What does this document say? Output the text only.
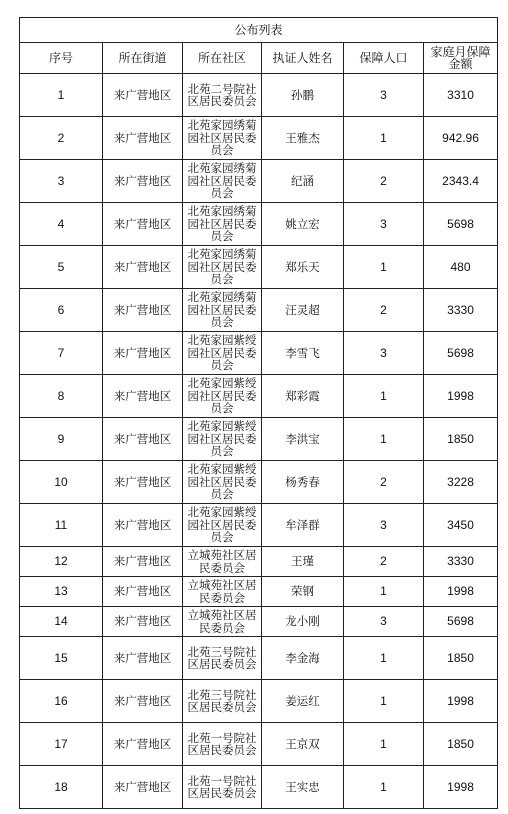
公布列表					
序号	所在街道	所在社区	执证人姓名	保障人口	家庭月保障
金额
1	来广营地区	北苑二号院社区居民委员会	孙鹏	3	3310
2	来广营地区	北苑家园绣菊园社区居民委员会	王雅杰	1	942.96
3	来广营地区	北苑家园绣菊园社区居民委员会	纪涵	2	2343.4
4	来广营地区	北苑家园绣菊园社区居民委员会	姚立宏	3	5698
5	来广营地区	北苑家园绣菊园社区居民委员会	郑乐天	1	480
6	来广营地区	北苑家园绣菊园社区居民委员会	汪灵超	2	3330
7	来广营地区	北苑家园紫绶园社区居民委员会	李雪飞	3	5698
8	来广营地区	北苑家园紫绶园社区居民委员会	郑彩霞	1	1998
9	来广营地区	北苑家园紫绶园社区居民委员会	李洪宝	1	1850
10	来广营地区	北苑家园紫绶园社区居民委员会	杨秀春	2	3228
11	来广营地区	北苑家园紫绶园社区居民委员会	牟泽群	3	3450
12	来广营地区	立城苑社区居民委员会	王瑾	2	3330
13	来广营地区	立城苑社区居民委员会	荣钢	1	1998
14	来广营地区	立城苑社区居民委员会	龙小刚	3	5698
15	来广营地区	北苑三号院社区居民委员会	李金海	1	1850
16	来广营地区	北苑三号院社区居民委员会	姜运红	1	1998
17	来广营地区	北苑一号院社区居民委员会	王京双	1	1850
18	来广营地区	北苑一号院社区居民委员会	王实忠	1	1998
